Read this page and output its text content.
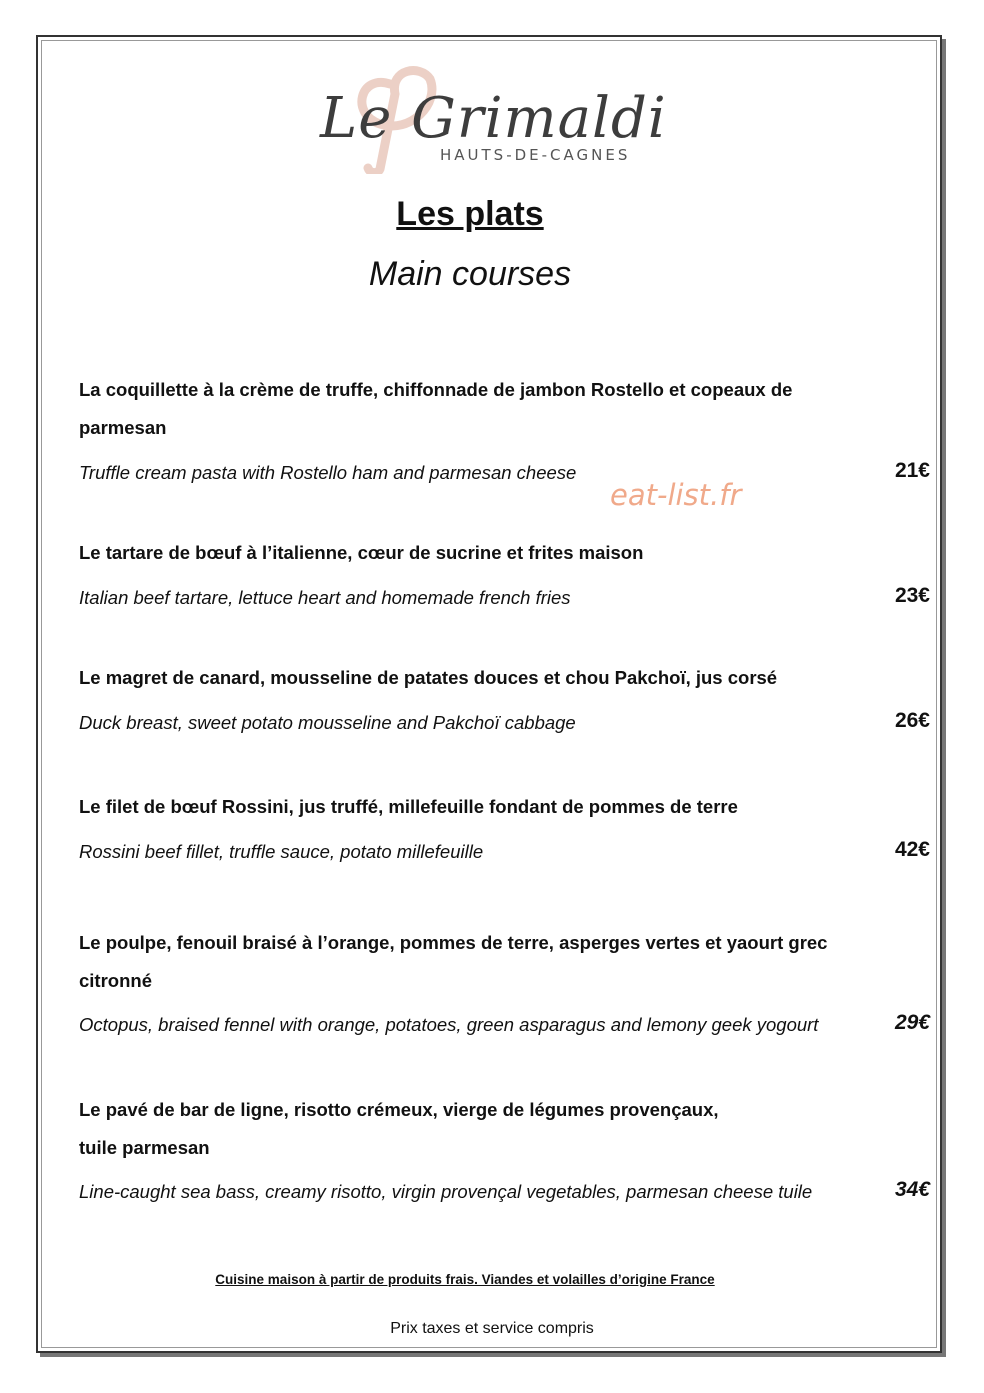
Le Grimaldi
HAUTS-DE-CAGNES
Les plats
Main courses
La coquillette à la crème de truffe, chiffonnade de jambon Rostello et copeaux de parmesan
Truffle cream pasta with Rostello ham and parmesan cheese	21€
eat-list.fr
Le tartare de bœuf à l’italienne, cœur de sucrine et frites maison
Italian beef tartare, lettuce heart and homemade french fries	23€
Le magret de canard, mousseline de patates douces et chou Pakchoï, jus corsé
Duck breast, sweet potato mousseline and Pakchoï cabbage	26€
Le filet de bœuf Rossini, jus truffé, millefeuille fondant de pommes de terre
Rossini beef fillet, truffle sauce, potato millefeuille	42€
Le poulpe, fenouil braisé à l’orange, pommes de terre, asperges vertes et yaourt grec citronné
Octopus, braised fennel with orange, potatoes, green asparagus and lemony geek yogourt	29€
Le pavé de bar de ligne, risotto crémeux, vierge de légumes provençaux,
tuile parmesan
Line-caught sea bass, creamy risotto, virgin provençal vegetables, parmesan cheese tuile	34€
Cuisine maison à partir de produits frais. Viandes et volailles d’origine France
Prix taxes et service compris
